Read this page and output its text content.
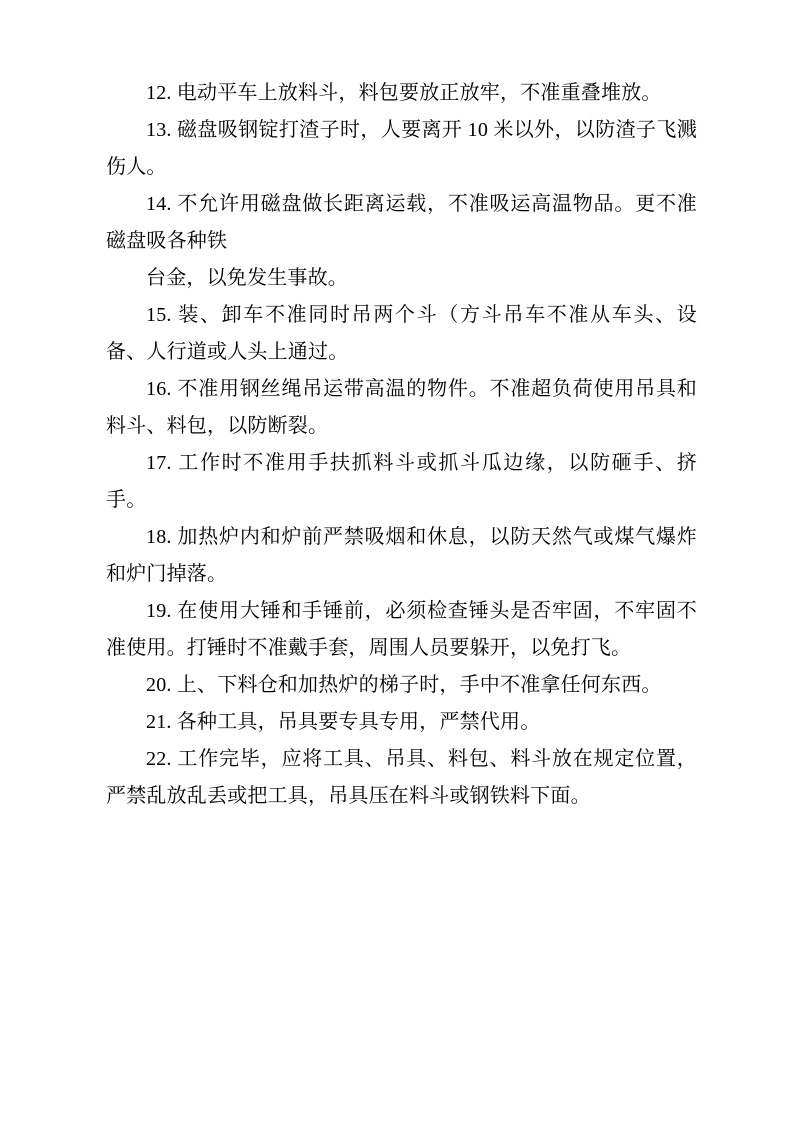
12. 电动平车上放料斗，料包要放正放牢，不准重叠堆放。

13. 磁盘吸钢锭打渣子时，人要离开 10 米以外，以防渣子飞溅伤人。

14. 不允许用磁盘做长距离运载，不准吸运高温物品。更不准磁盘吸各种铁

台金，以免发生事故。

15. 装、卸车不准同时吊两个斗（方斗吊车不准从车头、设备、人行道或人头上通过。

16. 不准用钢丝绳吊运带高温的物件。不准超负荷使用吊具和料斗、料包，以防断裂。

17. 工作时不准用手扶抓料斗或抓斗瓜边缘，以防砸手、挤手。

18. 加热炉内和炉前严禁吸烟和休息，以防天然气或煤气爆炸和炉门掉落。

19. 在使用大锤和手锤前，必须检查锤头是否牢固，不牢固不准使用。打锤时不准戴手套，周围人员要躲开，以免打飞。

20. 上、下料仓和加热炉的梯子时，手中不准拿任何东西。

21. 各种工具，吊具要专具专用，严禁代用。

22. 工作完毕，应将工具、吊具、料包、料斗放在规定位置，严禁乱放乱丢或把工具，吊具压在料斗或钢铁料下面。
